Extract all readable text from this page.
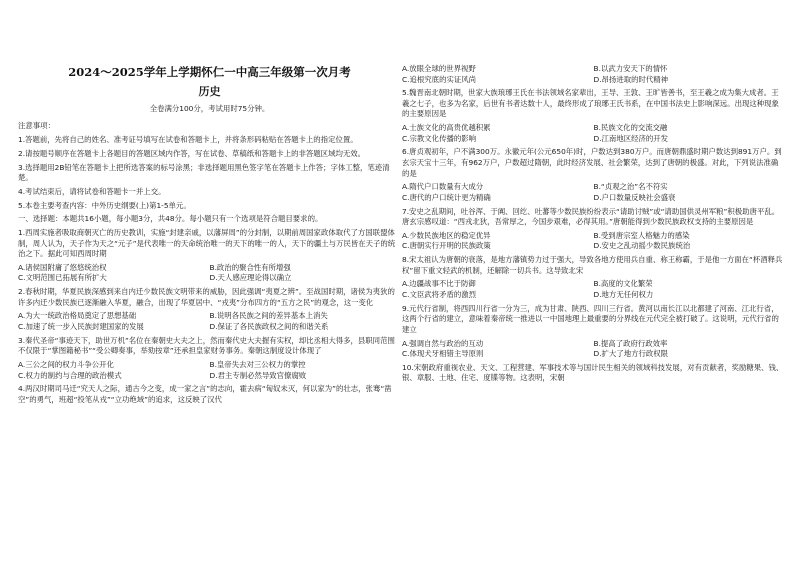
2024～2025学年上学期怀仁一中高三年级第一次月考
历史
全卷满分100分，考试用时75分钟。
注意事项：
1.答题前，先将自己的姓名、准考证号填写在试卷和答题卡上，并将条形码粘贴在答题卡上的指定位置。
2.请按题号顺序在答题卡上各题目的答题区域内作答，写在试卷、草稿纸和答题卡上的非答题区域均无效。
3.选择题用2B铅笔在答题卡上把所选答案的标号涂黑；非选择题用黑色签字笔在答题卡上作答；字体工整，笔迹清楚。
4.考试结束后，请将试卷和答题卡一并上交。
5.本卷主要考查内容：中外历史纲要(上)第1-5单元。
一、选择题：本题共16小题，每小题3分，共48分。每小题只有一个选项是符合题目要求的。
1.西周实施者吸取商朝灭亡的历史教训，实施“封建亲戚，以藩屏周”的分封制，以期前周国家政体取代了方国联盟体制，周人认为，天子作为天之“元子”是代表唯一的天命统治唯一的天下的唯一的人，天下的疆土与万民皆在天子的统治之下。据此可知西周时期
A.诸侯国附庸了悠悠统治权	B.政治的聚合性有所增强
C.文明范围已拓展有所扩大	D.天人感应理论得以确立
2.春秋时期，华夏民族深感到来自内迁少数民族文明带来的威胁，因此强调“夷夏之辨”。至战国时期，诸侯为夷狄的许多内迁少数民族已逐渐融入华夏，融合，出现了华夏居中、“戎夷”分布四方的“五方之民”的观念，这一变化
A.为大一统政治格局奠定了思想基础	B.说明各民族之间的差异基本上消失
C.加速了统一步入民族封建国家的发展	D.保证了各民族政权之间的和谐关系
3.秦代圣帝“事迹天下，助世万机”名位在秦朝史大夫之上，然而秦代史大夫握有实权，却比丞相大得多，县职同范围不仅限于“掌图籍秘书”“受公卿奏事，举劾按章”还承担皇家财务事务。秦朝这制度设计体现了
A.三公之间的权力斗争公开化	B.皇帝失去对三公权力的掌控
C.权力的制约与合理的政治模式	D.君主专制必然导致官僚腐败
4.两汉时期司马迁“究天人之际，通古今之变，成一家之言”的志向，霍去病“匈奴未灭，何以家为”的壮志，张骞“凿空”的勇气，班超“投笔从戎”“立功绝域”的追求，这反映了汉代
A.放眼全球的世界视野	B.以武力安天下的情怀
C.追根究底的实证风尚	D.昂扬进取的时代精神
5.魏晋南北朝时期，世家大族琅琊王氏在书法领域名家辈出，王导、王敦、王旷皆善书，至王羲之成为集大成者。王羲之七子，也多为名家，后世有书者达数十人，最终形成了琅琊王氏书系，在中国书法史上影响深远。出现这种现象的主要原因是
A.士族文化的高贵优越积累	B.民族文化的交流交融
C.宗教文化传播的影响	D.江南地区经济的开发
6.唐贞观初年，户不满300万。永徽元年(公元650年)时，户数达到380万户。而唐朝鼎盛时期户数达到891万户。到玄宗天宝十三年，有962万户，户数超过隋朝，此时经济发展、社会繁荣，达到了唐朝的极盛。对此，下列说法准确的是
A.隋代户口数量有大成分	B.“贞观之治”名不符实
C.唐代的户口统计更为精确	D.户口数量反映社会盛衰
7.安史之乱期间，吐谷浑、于阗、回纥、吐蕃等少数民族纷纷表示“请助讨贼”或“请助国供灵州军粮”积极助唐平乱。唐玄宗感叹道：“西戎北狄，吾常厚之，今国步艰难，必得其用。”唐朝能得到少数民族政权支持的主要原因是
A.少数民族地区的稳定优异	B.受到唐宗室人格魅力的感染
C.唐朝实行开明的民族政策	D.安史之乱动摇少数民族统治
8.宋太祖认为唐朝的衰落，是地方藩镇势力过于强大，导致各地方使用兵自重、称王称霸，于是他一方面在“杯酒释兵权”留下重文轻武的机制，还解除一切兵书。这导致北宋
A.边疆战事不比于防御	B.高度的文化繁荣
C.文臣武将矛盾的激烈	D.地方无任何权力
9.元代行省制，将西四川行省一分为三，成为甘肃、陕西、四川三行省。黄河以南长江以北都建了河南、江北行省，这两个行省的建立，意味着秦帝统一推进以一中国地理上最重要的分界线在元代完全被打破了。这说明，元代行省的建立
A.强调自然与政治的互动	B.提高了政府行政效率
C.体现犬牙相错主导原则	D.扩大了地方行政权限
10.宋朝政府重视农业、天文、工程营建、军事技术等与国计民生相关的领域科技发展，对有贡献者，奖励糖果、钱、银、章服、土地、住宅、度牒等物。这表明，宋朝
